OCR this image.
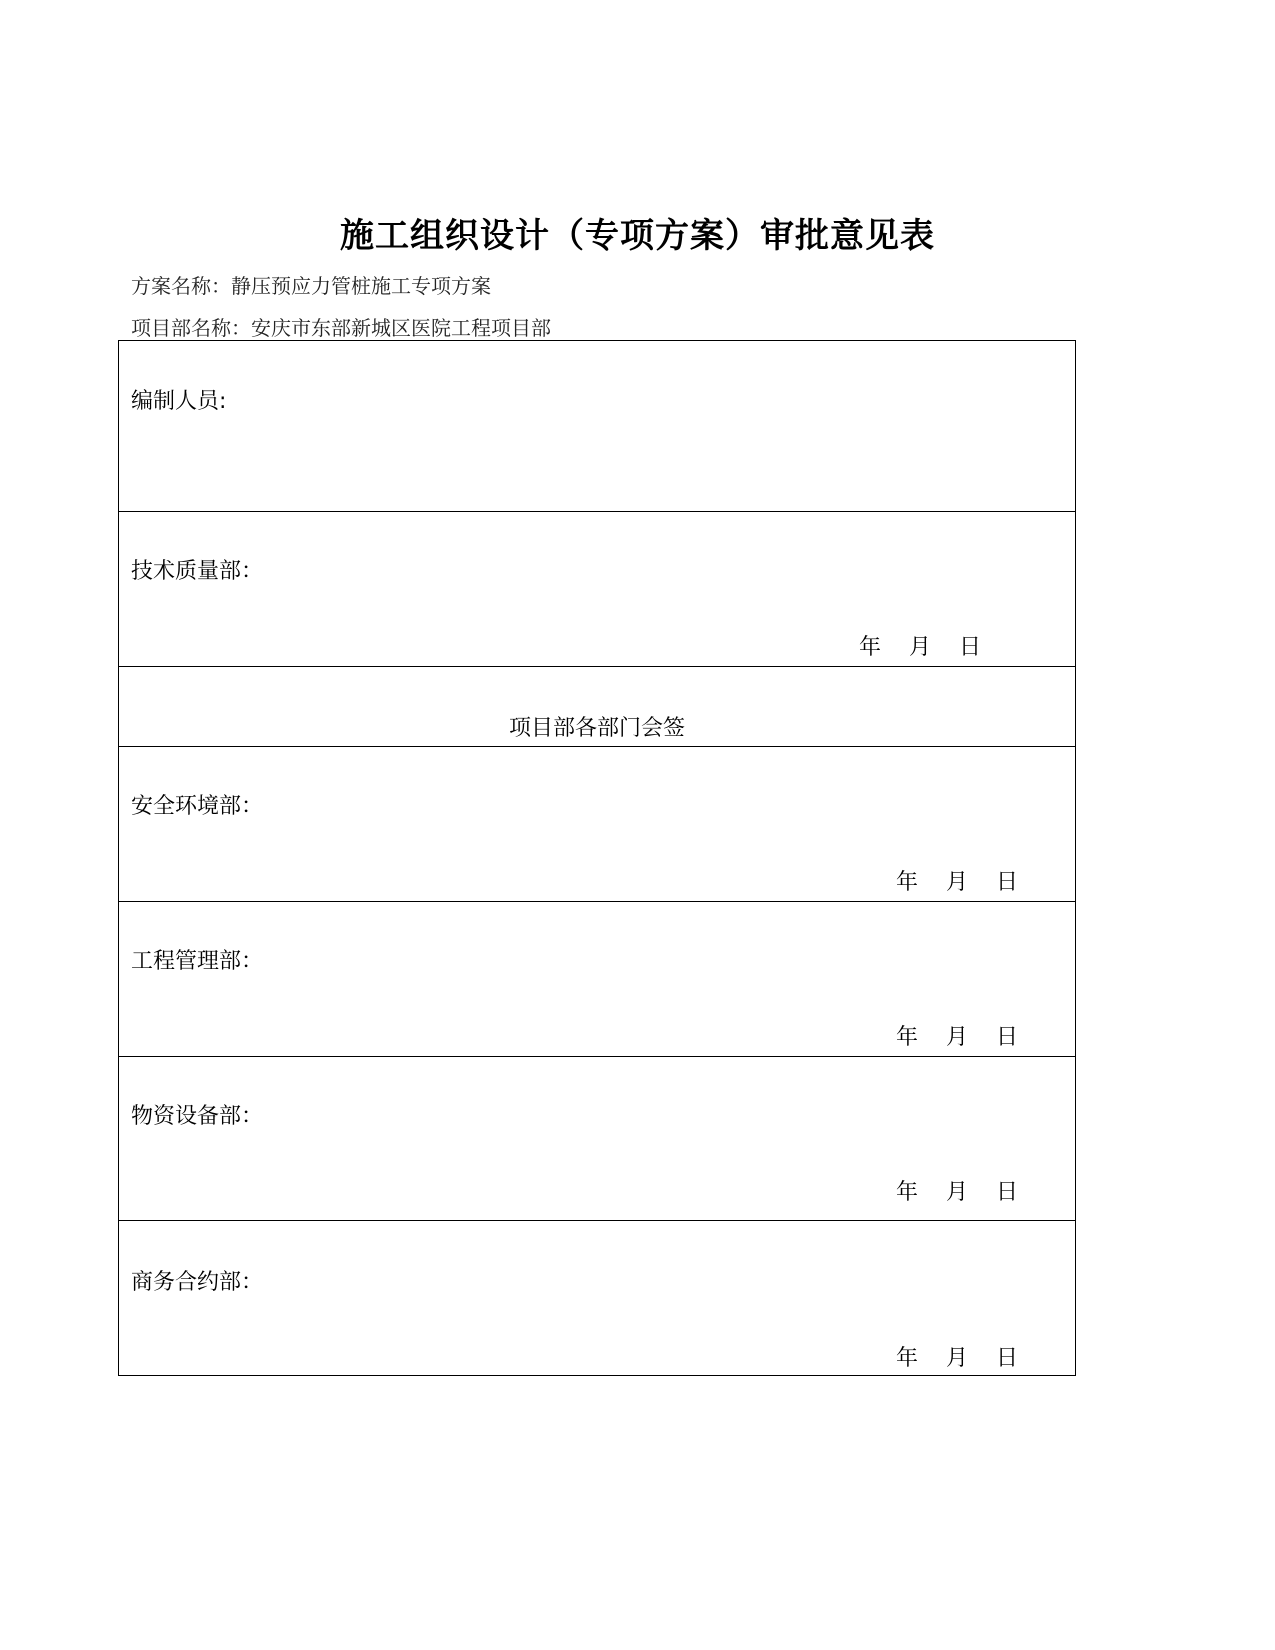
施工组织设计（专项方案）审批意见表
方案名称：静压预应力管桩施工专项方案
项目部名称：安庆市东部新城区医院工程项目部
编制人员:
技术质量部：
年 月 日
项目部各部门会签
安全环境部：
年 月 日
工程管理部：
年 月 日
物资设备部：
年 月 日
商务合约部：
年 月 日
